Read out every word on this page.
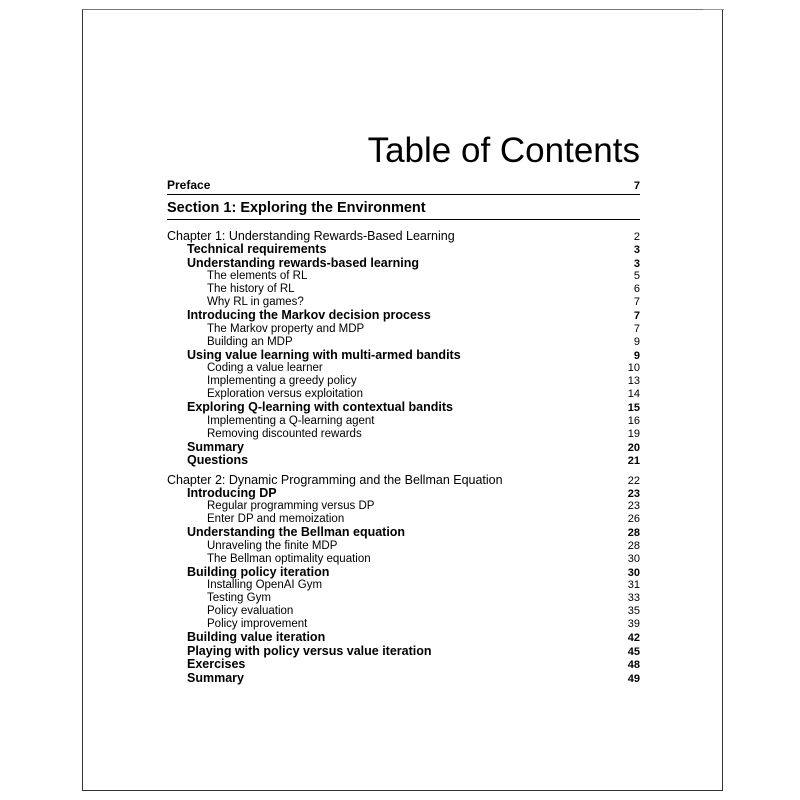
Table of Contents
Preface	7
Section 1: Exploring the Environment
Chapter 1: Understanding Rewards-Based Learning	2
Technical requirements	3
Understanding rewards-based learning	3
The elements of RL	5
The history of RL	6
Why RL in games?	7
Introducing the Markov decision process	7
The Markov property and MDP	7
Building an MDP	9
Using value learning with multi-armed bandits	9
Coding a value learner	10
Implementing a greedy policy	13
Exploration versus exploitation	14
Exploring Q-learning with contextual bandits	15
Implementing a Q-learning agent	16
Removing discounted rewards	19
Summary	20
Questions	21
Chapter 2: Dynamic Programming and the Bellman Equation	22
Introducing DP	23
Regular programming versus DP	23
Enter DP and memoization	26
Understanding the Bellman equation	28
Unraveling the finite MDP	28
The Bellman optimality equation	30
Building policy iteration	30
Installing OpenAI Gym	31
Testing Gym	33
Policy evaluation	35
Policy improvement	39
Building value iteration	42
Playing with policy versus value iteration	45
Exercises	48
Summary	49
